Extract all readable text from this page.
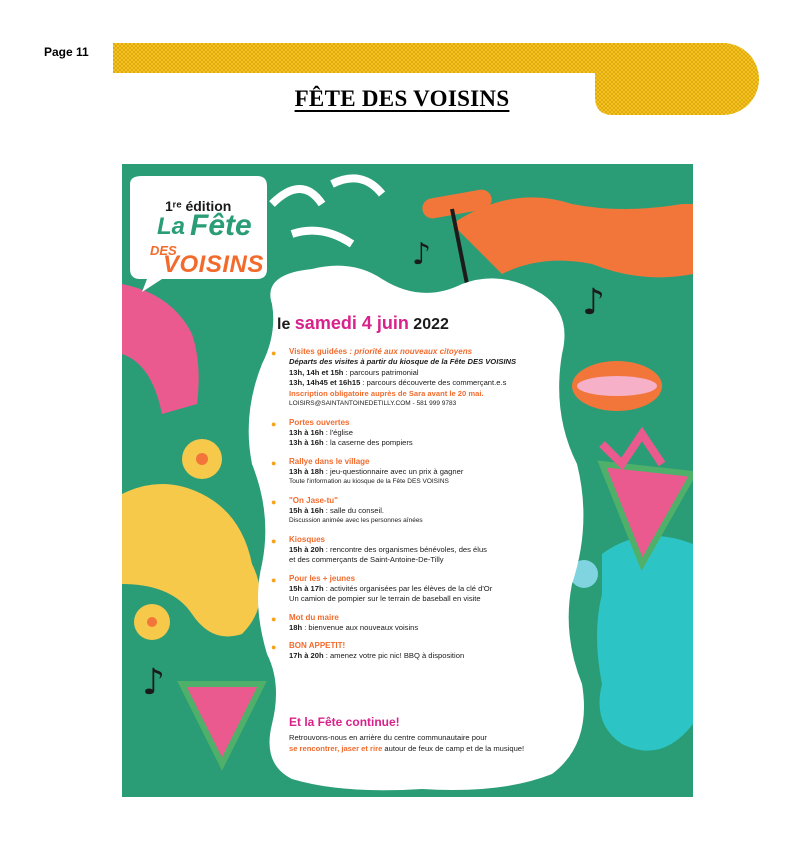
Page 11
FÊTE DES VOISINS
♪
♪
♪
1ʳᵉ édition
La Fête
DES
VOISINS
le samedi 4 juin 2022
● Visites guidées : priorité aux nouveaux citoyens
Départs des visites à partir du kiosque de la Fête DES VOISINS
13h, 14h et 15h : parcours patrimonial
13h, 14h45 et 16h15 : parcours découverte des commerçant.e.s
Inscription obligatoire auprès de Sara avant le 20 mai.
LOISIRS@SAINTANTOINEDETILLY.COM - 581 999 9783
● Portes ouvertes
13h à 16h : l'église
13h à 16h : la caserne des pompiers
● Rallye dans le village
13h à 18h : jeu-questionnaire avec un prix à gagner
Toute l'information au kiosque de la Fête DES VOISINS
● "On Jase-tu"
15h à 16h : salle du conseil.
Discussion animée avec les personnes aînées
● Kiosques
15h à 20h : rencontre des organismes bénévoles, des élus
et des commerçants de Saint-Antoine-De-Tilly
● Pour les + jeunes
15h à 17h : activités organisées par les élèves de la clé d'Or
Un camion de pompier sur le terrain de baseball en visite
● Mot du maire
18h : bienvenue aux nouveaux voisins
● BON APPETIT!
17h à 20h : amenez votre pic nic! BBQ à disposition
Et la Fête continue!
Retrouvons-nous en arrière du centre communautaire pour
se rencontrer, jaser et rire autour de feux de camp et de la musique!
